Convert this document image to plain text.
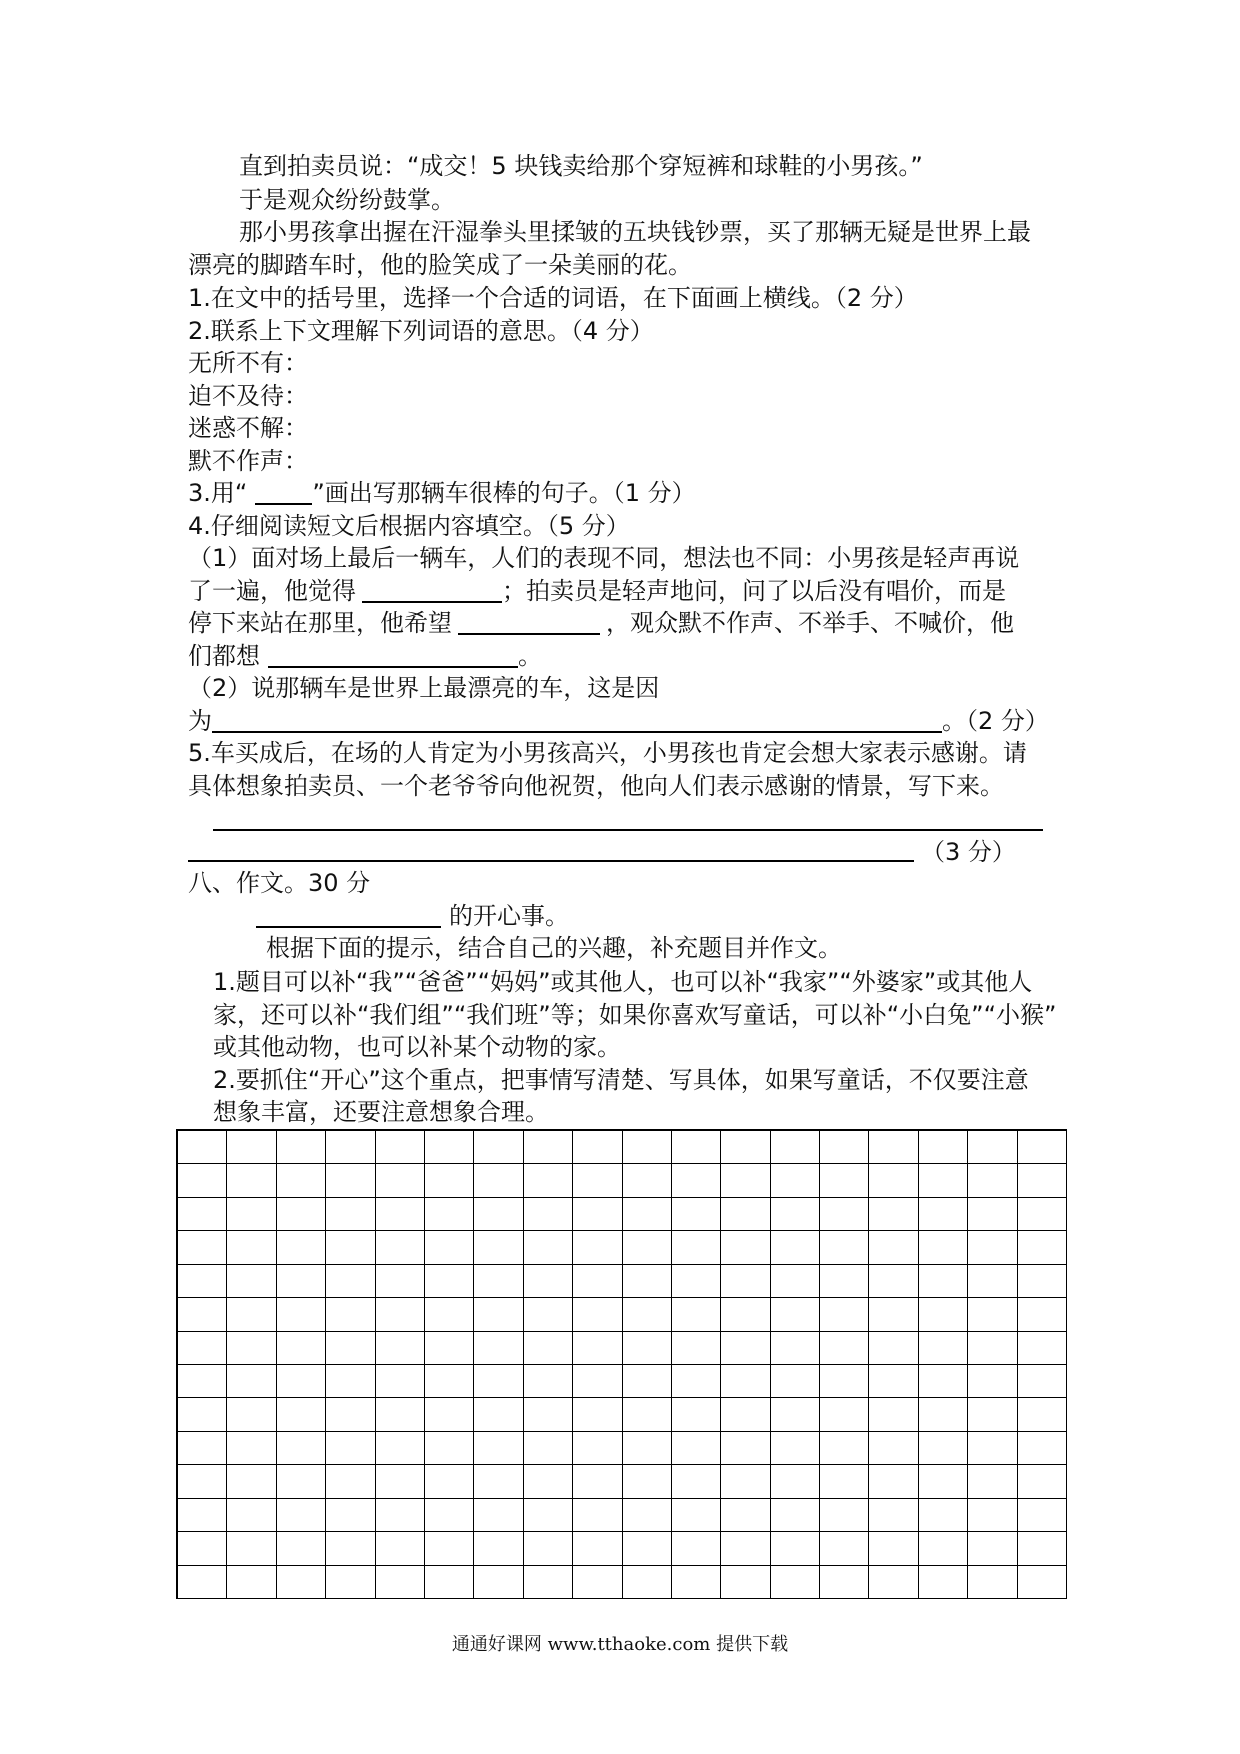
直到拍卖员说：“成交！5 块钱卖给那个穿短裤和球鞋的小男孩。”
于是观众纷纷鼓掌。
那小男孩拿出握在汗湿拳头里揉皱的五块钱钞票，买了那辆无疑是世界上最
漂亮的脚踏车时，他的脸笑成了一朵美丽的花。
1.在文中的括号里，选择一个合适的词语，在下面画上横线。（2 分）
2.联系上下文理解下列词语的意思。（4 分）
无所不有：
迫不及待：
迷惑不解：
默不作声：
3.用“	”画出写那辆车很棒的句子。（1 分）
4.仔细阅读短文后根据内容填空。（5 分）
（1）面对场上最后一辆车，人们的表现不同，想法也不同：小男孩是轻声再说
了一遍，他觉得	；拍卖员是轻声地问，问了以后没有唱价，而是
停下来站在那里，他希望	，观众默不作声、不举手、不喊价，他
们都想	。
（2）说那辆车是世界上最漂亮的车，这是因
为	。（2 分）
5.车买成后，在场的人肯定为小男孩高兴，小男孩也肯定会想大家表示感谢。请
具体想象拍卖员、一个老爷爷向他祝贺，他向人们表示感谢的情景，写下来。
（3 分）
八、作文。30 分
的开心事。
根据下面的提示，结合自己的兴趣，补充题目并作文。
1.题目可以补“我”“爸爸”“妈妈”或其他人，也可以补“我家”“外婆家”或其他人
家，还可以补“我们组”“我们班”等；如果你喜欢写童话，可以补“小白兔”“小猴”
或其他动物，也可以补某个动物的家。
2.要抓住“开心”这个重点，把事情写清楚、写具体，如果写童话，不仅要注意
想象丰富，还要注意想象合理。
通通好课网 www.tthaoke.com 提供下载
